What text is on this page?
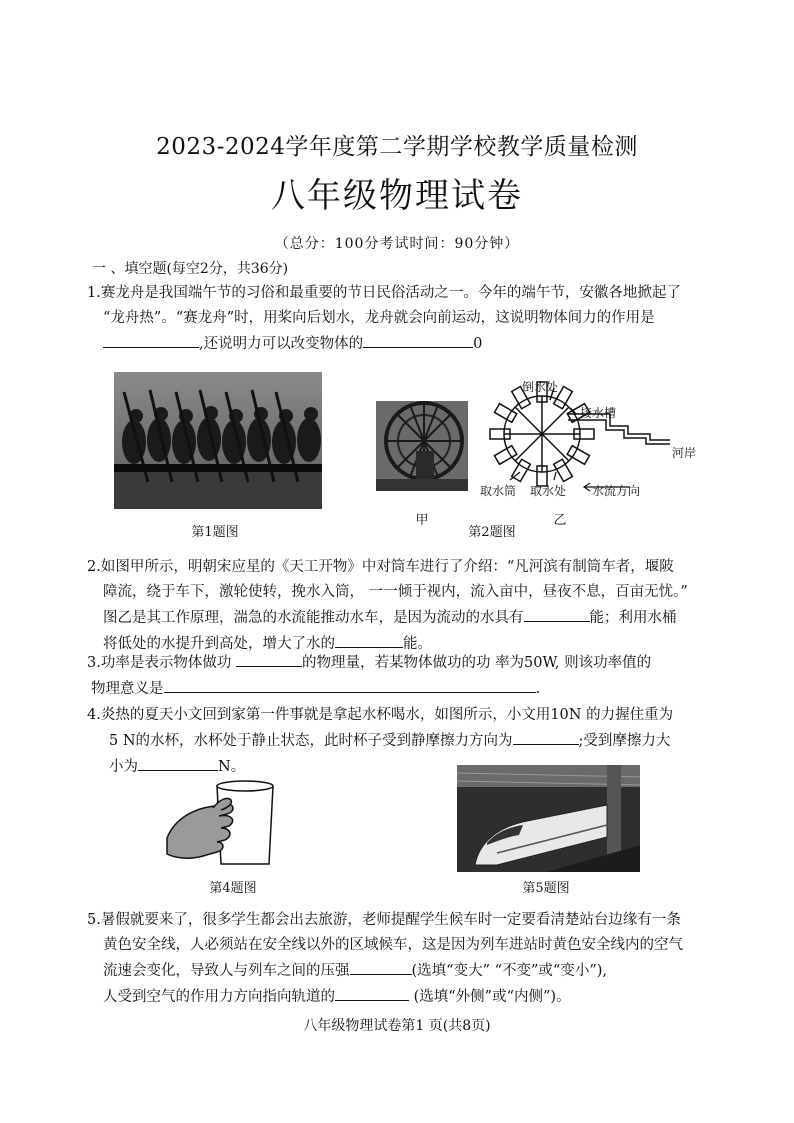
2023-2024学年度第二学期学校教学质量检测
八年级物理试卷
（总分：100分考试时间：90分钟）
一 、填空题(每空2分，共36分)
1.赛龙舟是我国端午节的习俗和最重要的节日民俗活动之一。今年的端午节，安徽各地掀起了
“龙舟热”。“赛龙舟”时，用桨向后划水，龙舟就会向前运动，这说明物体间力的作用是
,还说明力可以改变物体的	0
第1题图
甲
倒水处
接水槽
河岸
取水筒 取水处 水流方向
第2题图
乙
2.如图甲所示，明朝宋应星的《天工开物》中对筒车进行了介绍：“凡河滨有制筒车者，堰陂
障流，绕于车下，激轮使转，挽水入筒， 一一倾于视内，流入亩中，昼夜不息，百亩无忧。”
图乙是其工作原理，湍急的水流能推动水车，是因为流动的水具有	能；利用水桶
将低处的水提升到高处，增大了水的	能。
3.功率是表示物体做功	的物理量，若某物体做功的功 率为50W, 则该功率值的
物理意义是	.
4.炎热的夏天小文回到家第一件事就是拿起水杯喝水，如图所示，小文用10N 的力握住重为
5 N的水杯，水杯处于静止状态，此时杯子受到静摩擦力方向为	;受到摩擦力大
小为	N。
第4题图	第5题图
5.暑假就要来了，很多学生都会出去旅游，老师提醒学生候车时一定要看清楚站台边缘有一条
黄色安全线，人必须站在安全线以外的区域候车，这是因为列车进站时黄色安全线内的空气
流速会变化，导致人与列车之间的压强	(选填“变大” “不变”或“变小”),
人受到空气的作用力方向指向轨道的	(选填“外侧”或“内侧”)。
八年级物理试卷第1 页(共8页)
